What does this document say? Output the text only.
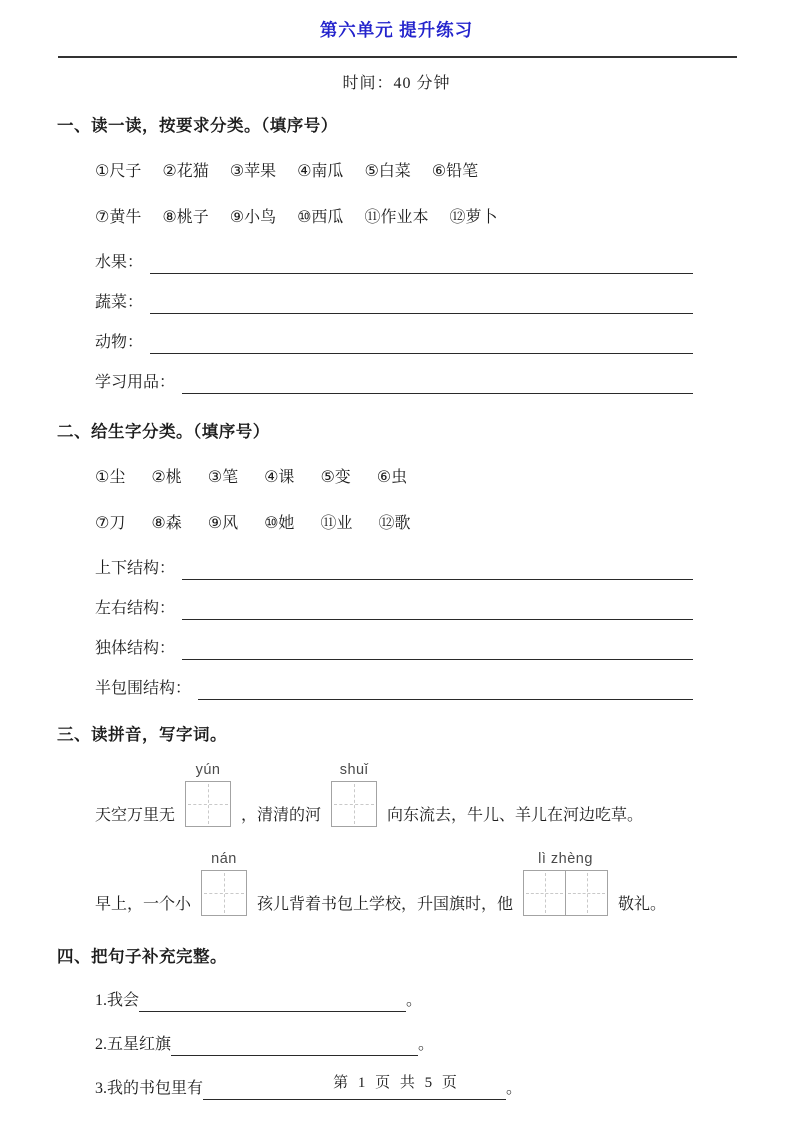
第六单元 提升练习
时间：40 分钟
一、读一读，按要求分类。（填序号）
①尺子 ②花猫 ③苹果 ④南瓜 ⑤白菜 ⑥铅笔
⑦黄牛 ⑧桃子 ⑨小鸟 ⑩西瓜 ⑪作业本 ⑫萝卜
水果：
蔬菜：
动物：
学习用品：
二、给生字分类。（填序号）
①尘 ②桃 ③笔 ④课 ⑤变 ⑥虫
⑦刀 ⑧森 ⑨风 ⑩她 ⑪业 ⑫歌
上下结构：
左右结构：
独体结构：
半包围结构：
三、读拼音，写字词。
天空万里无
yún
，清清的河
shuǐ
向东流去，牛儿、羊儿在河边吃草。
早上，一个小
nán
孩儿背着书包上学校，升国旗时，他
lì zhèng
敬礼。
四、把句子补充完整。
1.我会	。
2.五星红旗	。
3.我的书包里有	。
第 1 页 共 5 页
